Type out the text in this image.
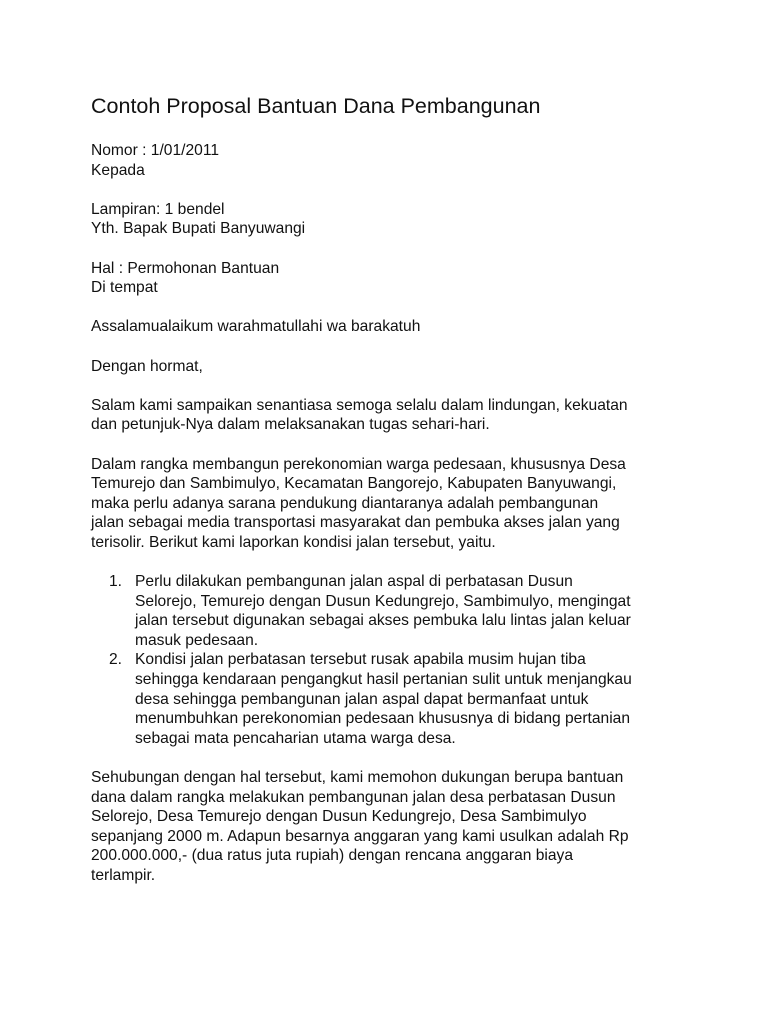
Contoh Proposal Bantuan Dana Pembangunan

Nomor : 1/01/2011

Kepada

Lampiran: 1 bendel

Yth. Bapak Bupati Banyuwangi

Hal : Permohonan Bantuan

Di tempat

Assalamualaikum warahmatullahi wa barakatuh

Dengan hormat,

Salam kami sampaikan senantiasa semoga selalu dalam lindungan, kekuatan

dan petunjuk-Nya dalam melaksanakan tugas sehari-hari.

Dalam rangka membangun perekonomian warga pedesaan, khususnya Desa

Temurejo dan Sambimulyo, Kecamatan Bangorejo, Kabupaten Banyuwangi,

maka perlu adanya sarana pendukung diantaranya adalah pembangunan

jalan sebagai media transportasi masyarakat dan pembuka akses jalan yang

terisolir. Berikut kami laporkan kondisi jalan tersebut, yaitu.

1. Perlu dilakukan pembangunan jalan aspal di perbatasan Dusun

Selorejo, Temurejo dengan Dusun Kedungrejo, Sambimulyo, mengingat

jalan tersebut digunakan sebagai akses pembuka lalu lintas jalan keluar

masuk pedesaan.

2. Kondisi jalan perbatasan tersebut rusak apabila musim hujan tiba

sehingga kendaraan pengangkut hasil pertanian sulit untuk menjangkau

desa sehingga pembangunan jalan aspal dapat bermanfaat untuk

menumbuhkan perekonomian pedesaan khususnya di bidang pertanian

sebagai mata pencaharian utama warga desa.

Sehubungan dengan hal tersebut, kami memohon dukungan berupa bantuan

dana dalam rangka melakukan pembangunan jalan desa perbatasan Dusun

Selorejo, Desa Temurejo dengan Dusun Kedungrejo, Desa Sambimulyo

sepanjang 2000 m. Adapun besarnya anggaran yang kami usulkan adalah Rp

200.000.000,- (dua ratus juta rupiah) dengan rencana anggaran biaya

terlampir.
